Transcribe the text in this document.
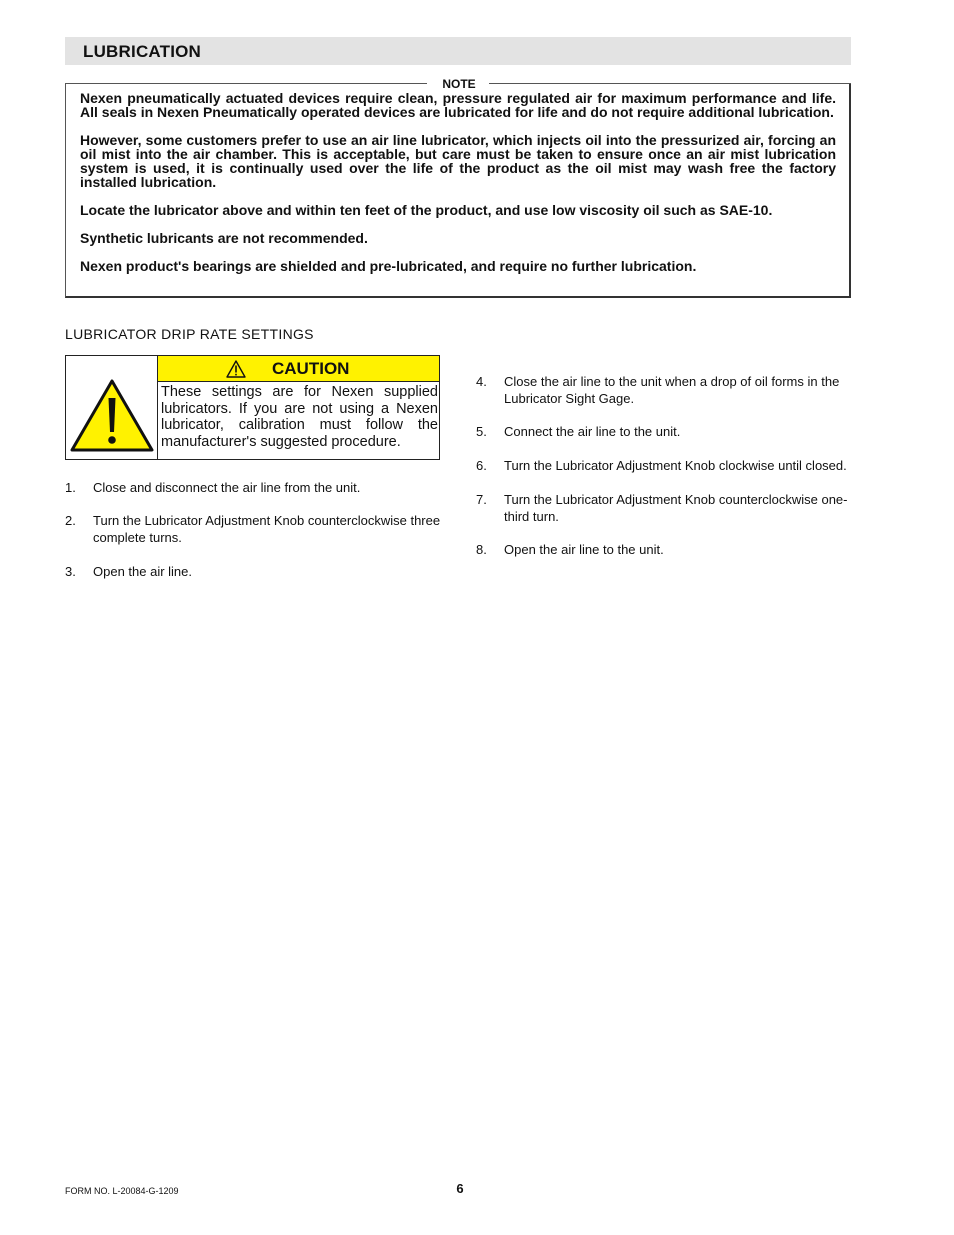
LUBRICATION
NOTE

Nexen pneumatically actuated devices require clean, pressure regulated air for maximum performance and life. All seals in Nexen Pneumatically operated devices are lubricated for life and do not require additional lubrication.

However, some customers prefer to use an air line lubricator, which injects oil into the pressurized air, forcing an oil mist into the air chamber. This is acceptable, but care must be taken to ensure once an air mist lubrication system is used, it is continually used over the life of the product as the oil mist may wash free the factory installed lubrication.

Locate the lubricator above and within ten feet of the product, and use low viscosity oil such as SAE-10.

Synthetic lubricants are not recommended.

Nexen product's bearings are shielded and pre-lubricated, and require no further lubrication.

LUBRICATOR DRIP RATE SETTINGS
CAUTION

These settings are for Nexen supplied lubricators. If you are not using a Nexen lubricator, calibration must follow the manufacturer's suggested procedure.

1. Close and disconnect the air line from the unit.
2. Turn the Lubricator Adjustment Knob counterclockwise three complete turns.
3. Open the air line.
4. Close the air line to the unit when a drop of oil forms in the Lubricator Sight Gage.
5. Connect the air line to the unit.
6. Turn the Lubricator Adjustment Knob clockwise until closed.
7. Turn the Lubricator Adjustment Knob counterclockwise one-third turn.
8. Open the air line to the unit.
FORM NO. L-20084-G-1209	6
